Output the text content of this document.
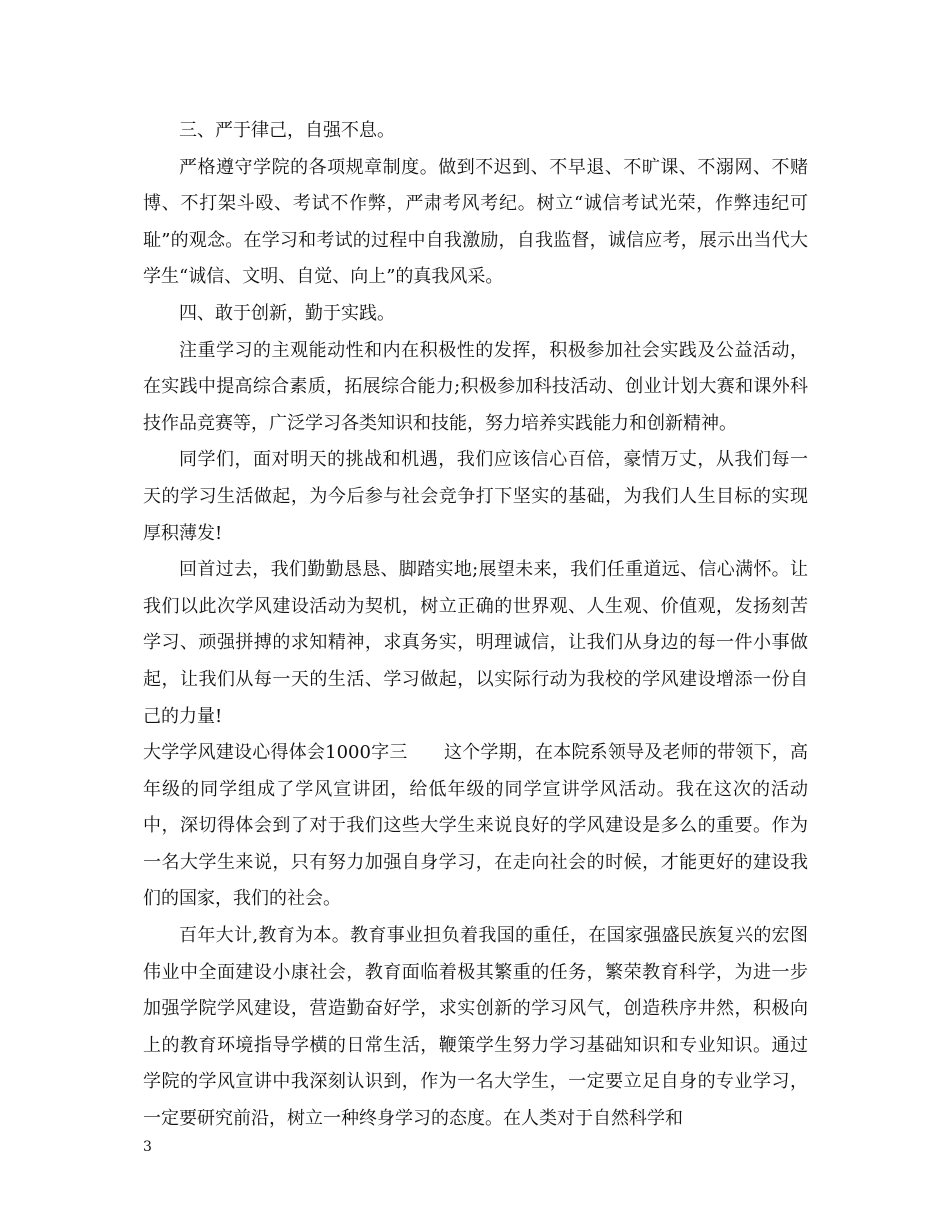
三、严于律己，自强不息。

严格遵守学院的各项规章制度。做到不迟到、不早退、不旷课、不溺网、不赌博、不打架斗殴、考试不作弊，严肃考风考纪。树立“诚信考试光荣，作弊违纪可耻”的观念。在学习和考试的过程中自我激励，自我监督，诚信应考，展示出当代大学生“诚信、文明、自觉、向上”的真我风采。

四、敢于创新，勤于实践。

注重学习的主观能动性和内在积极性的发挥，积极参加社会实践及公益活动，在实践中提高综合素质，拓展综合能力;积极参加科技活动、创业计划大赛和课外科技作品竞赛等，广泛学习各类知识和技能，努力培养实践能力和创新精神。

同学们，面对明天的挑战和机遇，我们应该信心百倍，豪情万丈，从我们每一天的学习生活做起，为今后参与社会竞争打下坚实的基础，为我们人生目标的实现厚积薄发!

回首过去，我们勤勤恳恳、脚踏实地;展望未来，我们任重道远、信心满怀。让我们以此次学风建设活动为契机，树立正确的世界观、人生观、价值观，发扬刻苦学习、顽强拼搏的求知精神，求真务实，明理诚信，让我们从身边的每一件小事做起，让我们从每一天的生活、学习做起，以实际行动为我校的学风建设增添一份自己的力量!

大学学风建设心得体会1000字三　　这个学期，在本院系领导及老师的带领下，高年级的同学组成了学风宣讲团，给低年级的同学宣讲学风活动。我在这次的活动中，深切得体会到了对于我们这些大学生来说良好的学风建设是多么的重要。作为一名大学生来说，只有努力加强自身学习，在走向社会的时候，才能更好的建设我们的国家，我们的社会。

百年大计,教育为本。教育事业担负着我国的重任，在国家强盛民族复兴的宏图伟业中全面建设小康社会，教育面临着极其繁重的任务，繁荣教育科学，为进一步加强学院学风建设，营造勤奋好学，求实创新的学习风气，创造秩序井然，积极向上的教育环境指导学横的日常生活，鞭策学生努力学习基础知识和专业知识。通过学院的学风宣讲中我深刻认识到，作为一名大学生，一定要立足自身的专业学习，一定要研究前沿，树立一种终身学习的态度。在人类对于自然科学和

3
